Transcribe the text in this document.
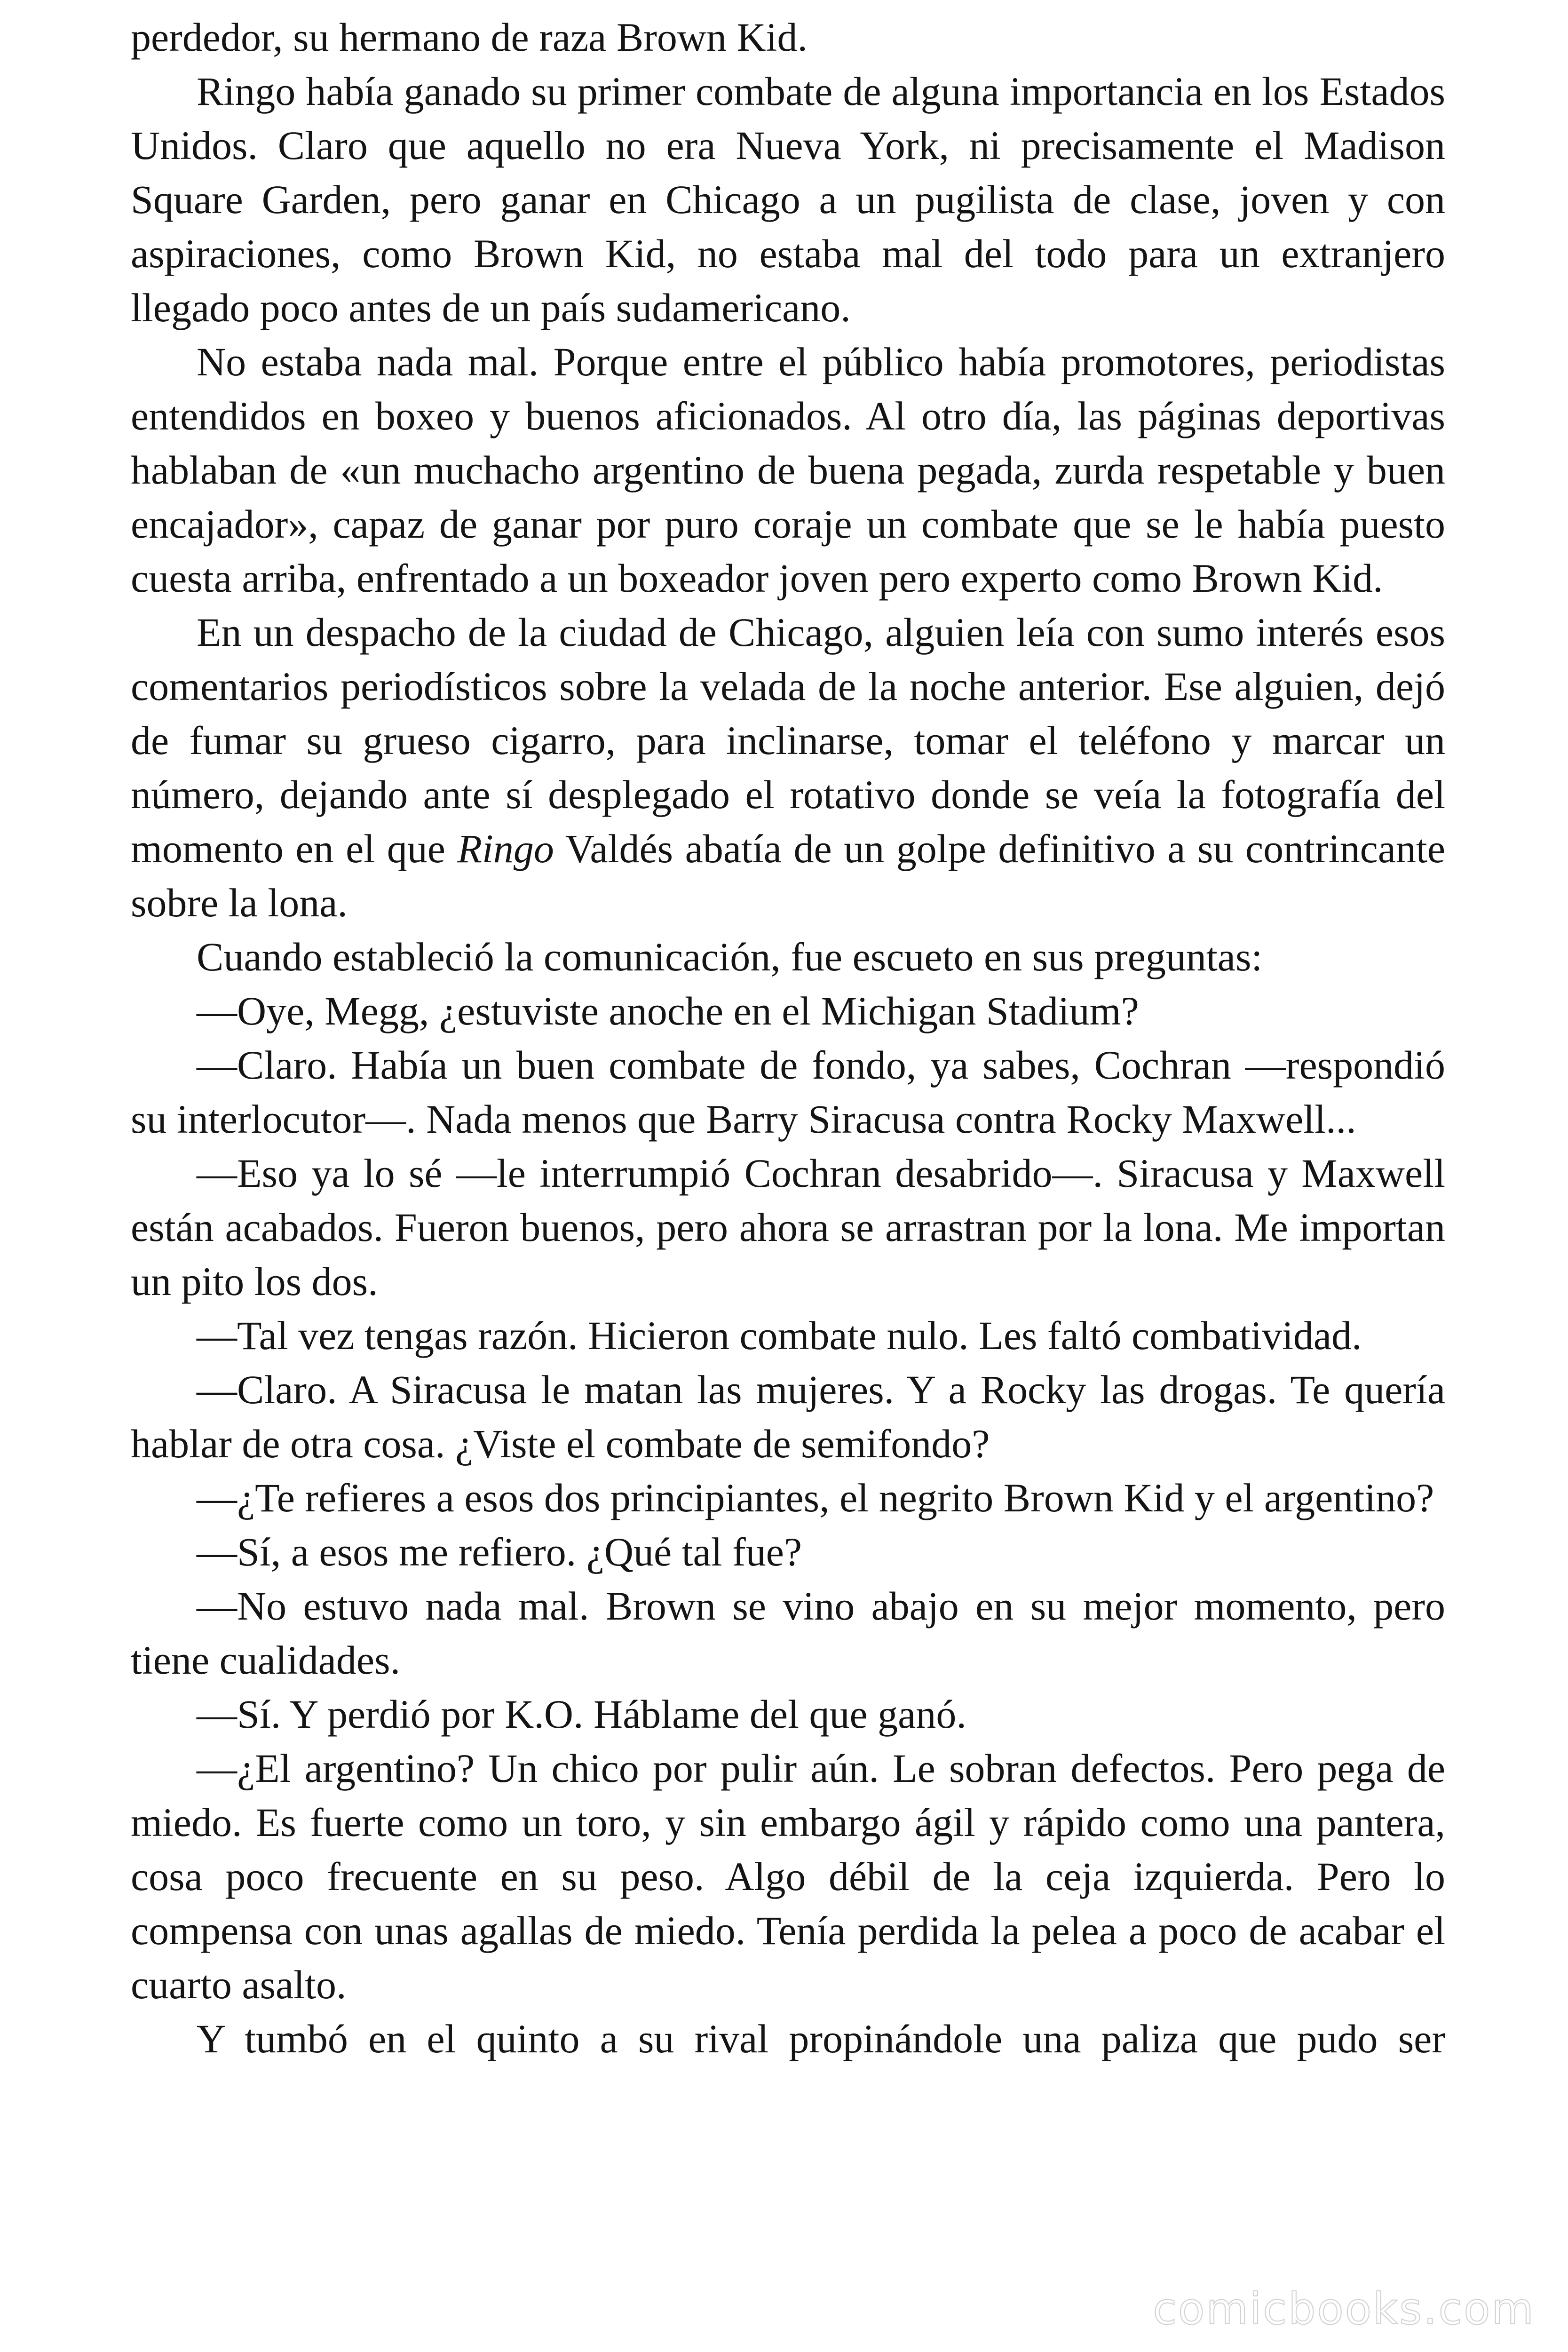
perdedor, su hermano de raza Brown Kid.

Ringo había ganado su primer combate de alguna importancia en los Estados Unidos. Claro que aquello no era Nueva York, ni precisamente el Madison Square Garden, pero ganar en Chicago a un pugilista de clase, joven y con aspiraciones, como Brown Kid, no estaba mal del todo para un extranjero llegado poco antes de un país sudamericano.

No estaba nada mal. Porque entre el público había promotores, periodistas entendidos en boxeo y buenos aficionados. Al otro día, las páginas deportivas hablaban de «un muchacho argentino de buena pegada, zurda respetable y buen encajador», capaz de ganar por puro coraje un combate que se le había puesto cuesta arriba, enfrentado a un boxeador joven pero experto como Brown Kid.

En un despacho de la ciudad de Chicago, alguien leía con sumo interés esos comentarios periodísticos sobre la velada de la noche anterior. Ese alguien, dejó de fumar su grueso cigarro, para inclinarse, tomar el teléfono y marcar un número, dejando ante sí desplegado el rotativo donde se veía la fotografía del momento en el que Ringo Valdés abatía de un golpe definitivo a su contrincante sobre la lona.

Cuando estableció la comunicación, fue escueto en sus preguntas:

—Oye, Megg, ¿estuviste anoche en el Michigan Stadium?

—Claro. Había un buen combate de fondo, ya sabes, Cochran —respondió su interlocutor—. Nada menos que Barry Siracusa contra Rocky Maxwell...

—Eso ya lo sé —le interrumpió Cochran desabrido—. Siracusa y Maxwell están acabados. Fueron buenos, pero ahora se arrastran por la lona. Me importan un pito los dos.

—Tal vez tengas razón. Hicieron combate nulo. Les faltó combatividad.

—Claro. A Siracusa le matan las mujeres. Y a Rocky las drogas. Te quería hablar de otra cosa. ¿Viste el combate de semifondo?

—¿Te refieres a esos dos principiantes, el negrito Brown Kid y el argentino?

—Sí, a esos me refiero. ¿Qué tal fue?

—No estuvo nada mal. Brown se vino abajo en su mejor momento, pero tiene cualidades.

—Sí. Y perdió por K.O. Háblame del que ganó.

—¿El argentino? Un chico por pulir aún. Le sobran defectos. Pero pega de miedo. Es fuerte como un toro, y sin embargo ágil y rápido como una pantera, cosa poco frecuente en su peso. Algo débil de la ceja izquierda. Pero lo compensa con unas agallas de miedo. Tenía perdida la pelea a poco de acabar el cuarto asalto.

Y tumbó en el quinto a su rival propinándole una paliza que pudo ser

comicbooks.com
